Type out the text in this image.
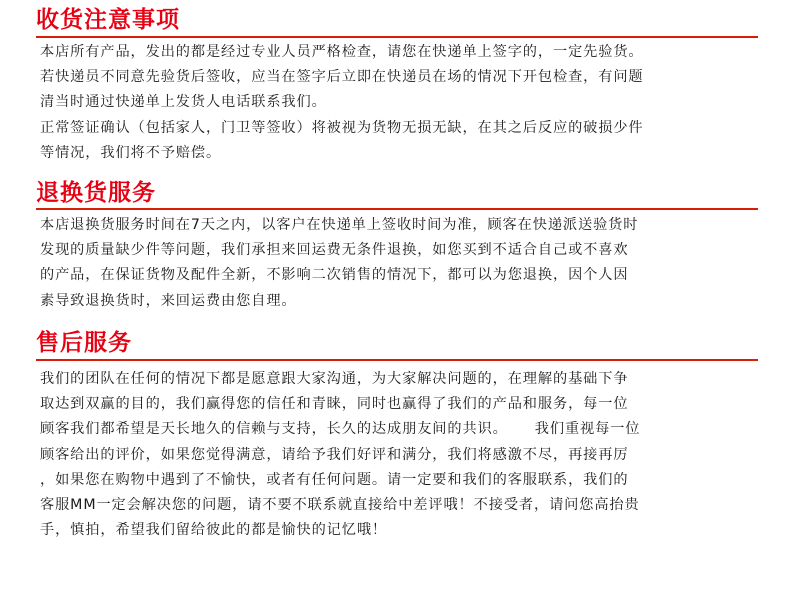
收货注意事项

本店所有产品，发出的都是经过专业人员严格检查，请您在快递单上签字的，一定先验货。

若快递员不同意先验货后签收，应当在签字后立即在快递员在场的情况下开包检查，有问题

清当时通过快递单上发货人电话联系我们。

正常签证确认（包括家人，门卫等签收）将被视为货物无损无缺，在其之后反应的破损少件

等情况，我们将不予赔偿。

退换货服务

本店退换货服务时间在7天之内，以客户在快递单上签收时间为准，顾客在快递派送验货时

发现的质量缺少件等问题，我们承担来回运费无条件退换，如您买到不适合自己或不喜欢

的产品，在保证货物及配件全新，不影响二次销售的情况下，都可以为您退换，因个人因

素导致退换货时，来回运费由您自理。

售后服务

我们的团队在任何的情况下都是愿意跟大家沟通，为大家解决问题的，在理解的基础下争

取达到双赢的目的，我们赢得您的信任和青睐，同时也赢得了我们的产品和服务，每一位

顾客我们都希望是天长地久的信赖与支持，长久的达成朋友间的共识。     我们重视每一位

顾客给出的评价，如果您觉得满意，请给予我们好评和满分，我们将感激不尽，再接再厉

，如果您在购物中遇到了不愉快，或者有任何问题。请一定要和我们的客服联系，我们的

客服MM一定会解决您的问题，请不要不联系就直接给中差评哦！不接受者，请问您高抬贵

手，慎拍，希望我们留给彼此的都是愉快的记忆哦！
